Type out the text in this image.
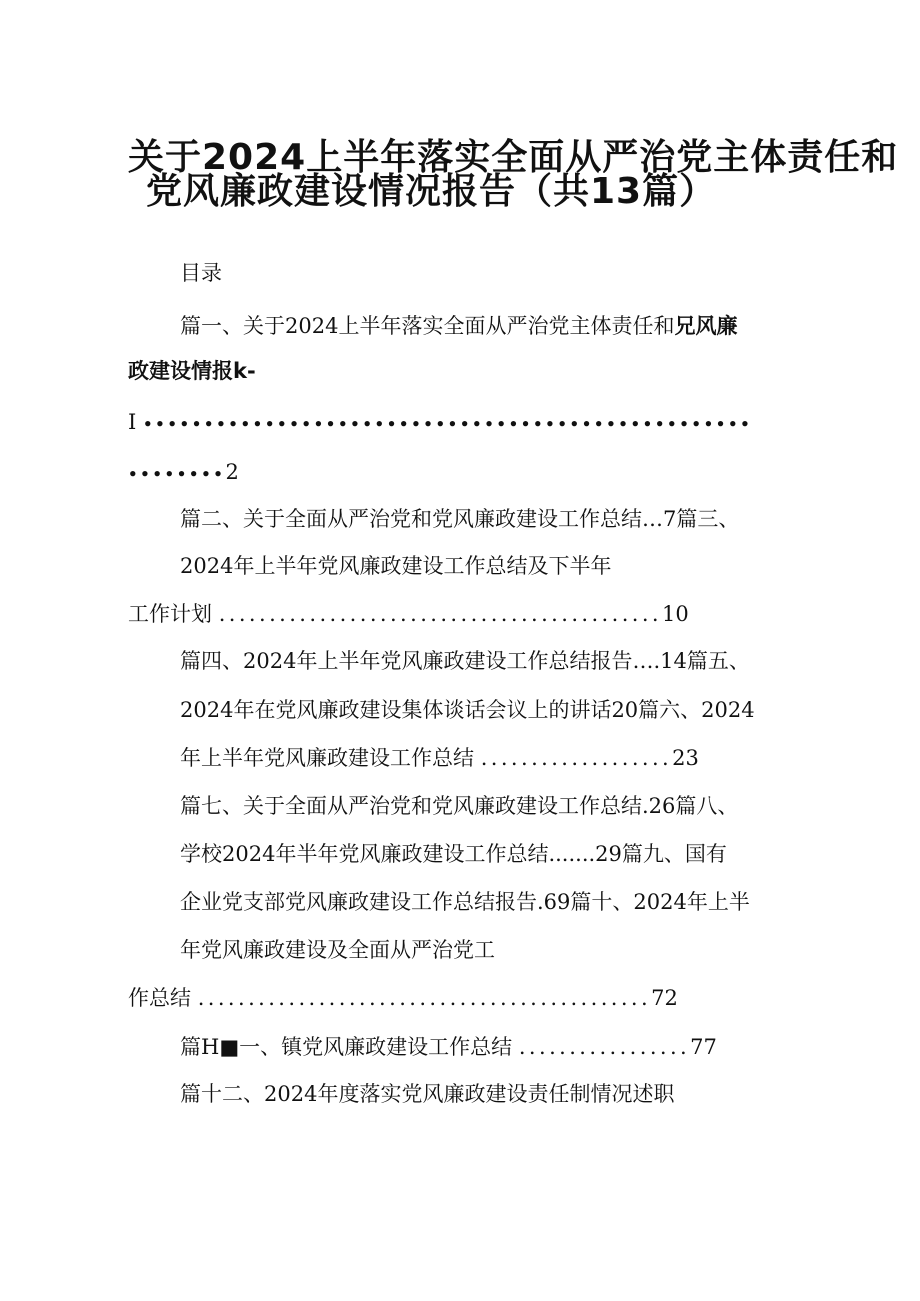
关于2024上半年落实全面从严治党主体责任和
党风廉政建设情况报告（共13篇）
目录
篇一、关于2024上半年落实全面从严治党主体责任和兄风廉
政建设情报k-
I ••••••••••••••••••••••••••••••••••••••••••••••••••
••••••••2
篇二、关于全面从严治党和党风廉政建设工作总结…7篇三、
2024年上半年党风廉政建设工作总结及下半年
工作计划 ............................................10
篇四、2024年上半年党风廉政建设工作总结报告….14篇五、
2024年在党风廉政建设集体谈话会议上的讲话20篇六、2024
年上半年党风廉政建设工作总结 ...................23
篇七、关于全面从严治党和党风廉政建设工作总结.26篇八、
学校2024年半年党风廉政建设工作总结.......29篇九、国有
企业党支部党风廉政建设工作总结报告.69篇十、2024年上半
年党风廉政建设及全面从严治党工
作总结 .............................................72
篇H■一、镇党风廉政建设工作总结 .................77
篇十二、2024年度落实党风廉政建设责任制情况述职
